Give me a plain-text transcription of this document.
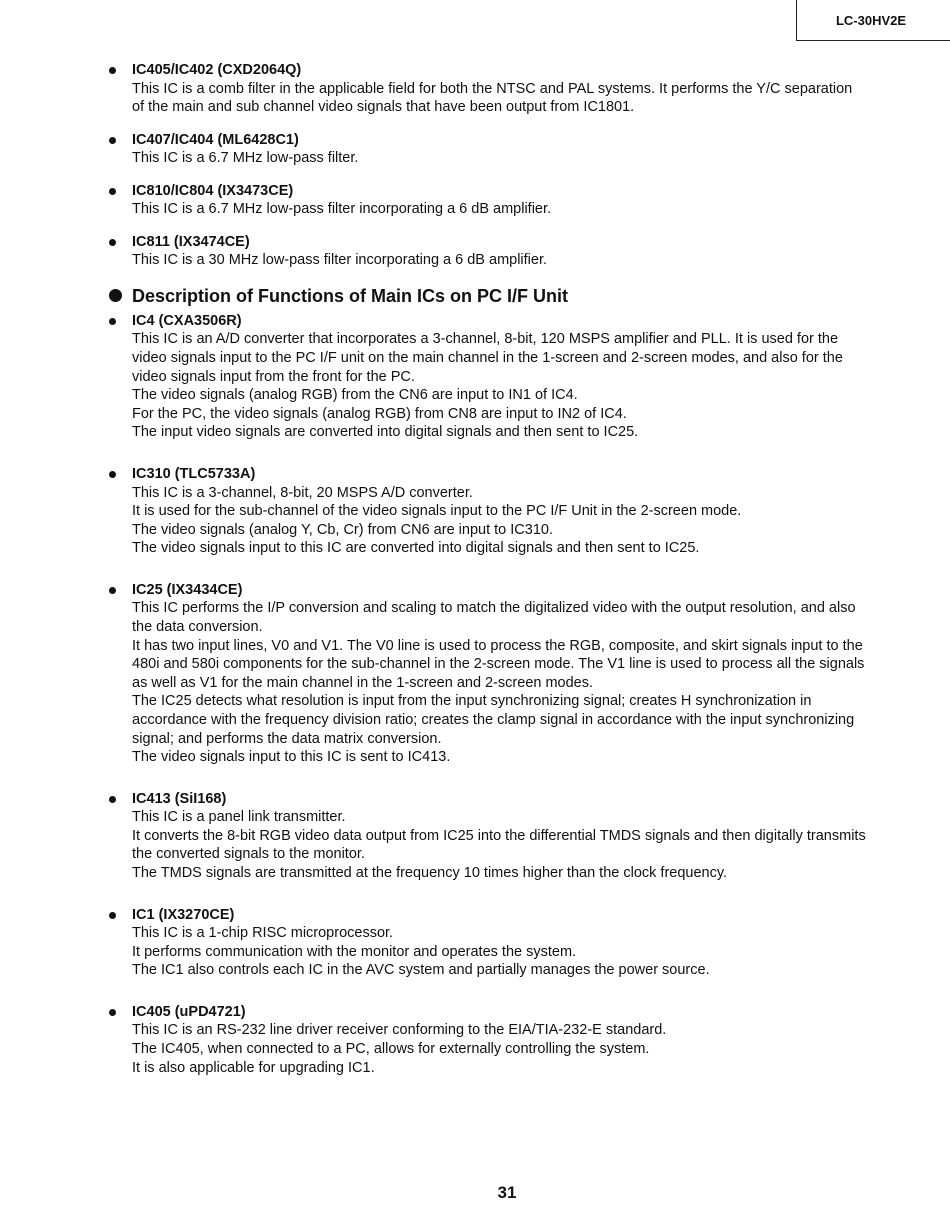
LC-30HV2E
IC405/IC402 (CXD2064Q)
This IC is a comb filter in the applicable field for both the NTSC and PAL systems. It performs the Y/C separation
of the main and sub channel video signals that have been output from IC1801.
IC407/IC404 (ML6428C1)
This IC is a 6.7 MHz low-pass filter.
IC810/IC804 (IX3473CE)
This IC is a 6.7 MHz low-pass filter incorporating a 6 dB amplifier.
IC811 (IX3474CE)
This IC is a 30 MHz low-pass filter incorporating a 6 dB amplifier.
Description of Functions of Main ICs on PC I/F Unit
IC4 (CXA3506R)
This IC is an A/D converter that incorporates a 3-channel, 8-bit, 120 MSPS amplifier and PLL. It is used for the
video signals input to the PC I/F unit on the main channel in the 1-screen and 2-screen modes, and also for the
video signals input from the front for the PC.
The video signals (analog RGB) from the CN6 are input to IN1 of IC4.
For the PC, the video signals (analog RGB) from CN8 are input to IN2 of IC4.
The input video signals are converted into digital signals and then sent to IC25.
IC310 (TLC5733A)
This IC is a 3-channel, 8-bit, 20 MSPS A/D converter.
It is used for the sub-channel of the video signals input to the PC I/F Unit in the 2-screen mode.
The video signals (analog Y, Cb, Cr) from CN6 are input to IC310.
The video signals input to this IC are converted into digital signals and then sent to IC25.
IC25 (IX3434CE)
This IC performs the I/P conversion and scaling to match the digitalized video with the output resolution, and also
the data conversion.
It has two input lines, V0 and V1. The V0 line is used to process the RGB, composite, and skirt signals input to the
480i and 580i components for the sub-channel in the 2-screen mode. The V1 line is used to process all the signals
as well as V1 for the main channel in the 1-screen and 2-screen modes.
The IC25 detects what resolution is input from the input synchronizing signal; creates H synchronization in
accordance with the frequency division ratio; creates the clamp signal in accordance with the input synchronizing
signal; and performs the data matrix conversion.
The video signals input to this IC is sent to IC413.
IC413 (SiI168)
This IC is a panel link transmitter.
It converts the 8-bit RGB video data output from IC25 into the differential TMDS signals and then digitally transmits
the converted signals to the monitor.
The TMDS signals are transmitted at the frequency 10 times higher than the clock frequency.
IC1 (IX3270CE)
This IC is a 1-chip RISC microprocessor.
It performs communication with the monitor and operates the system.
The IC1 also controls each IC in the AVC system and partially manages the power source.
IC405 (uPD4721)
This IC is an RS-232 line driver receiver conforming to the EIA/TIA-232-E standard.
The IC405, when connected to a PC, allows for externally controlling the system.
It is also applicable for upgrading IC1.
31
